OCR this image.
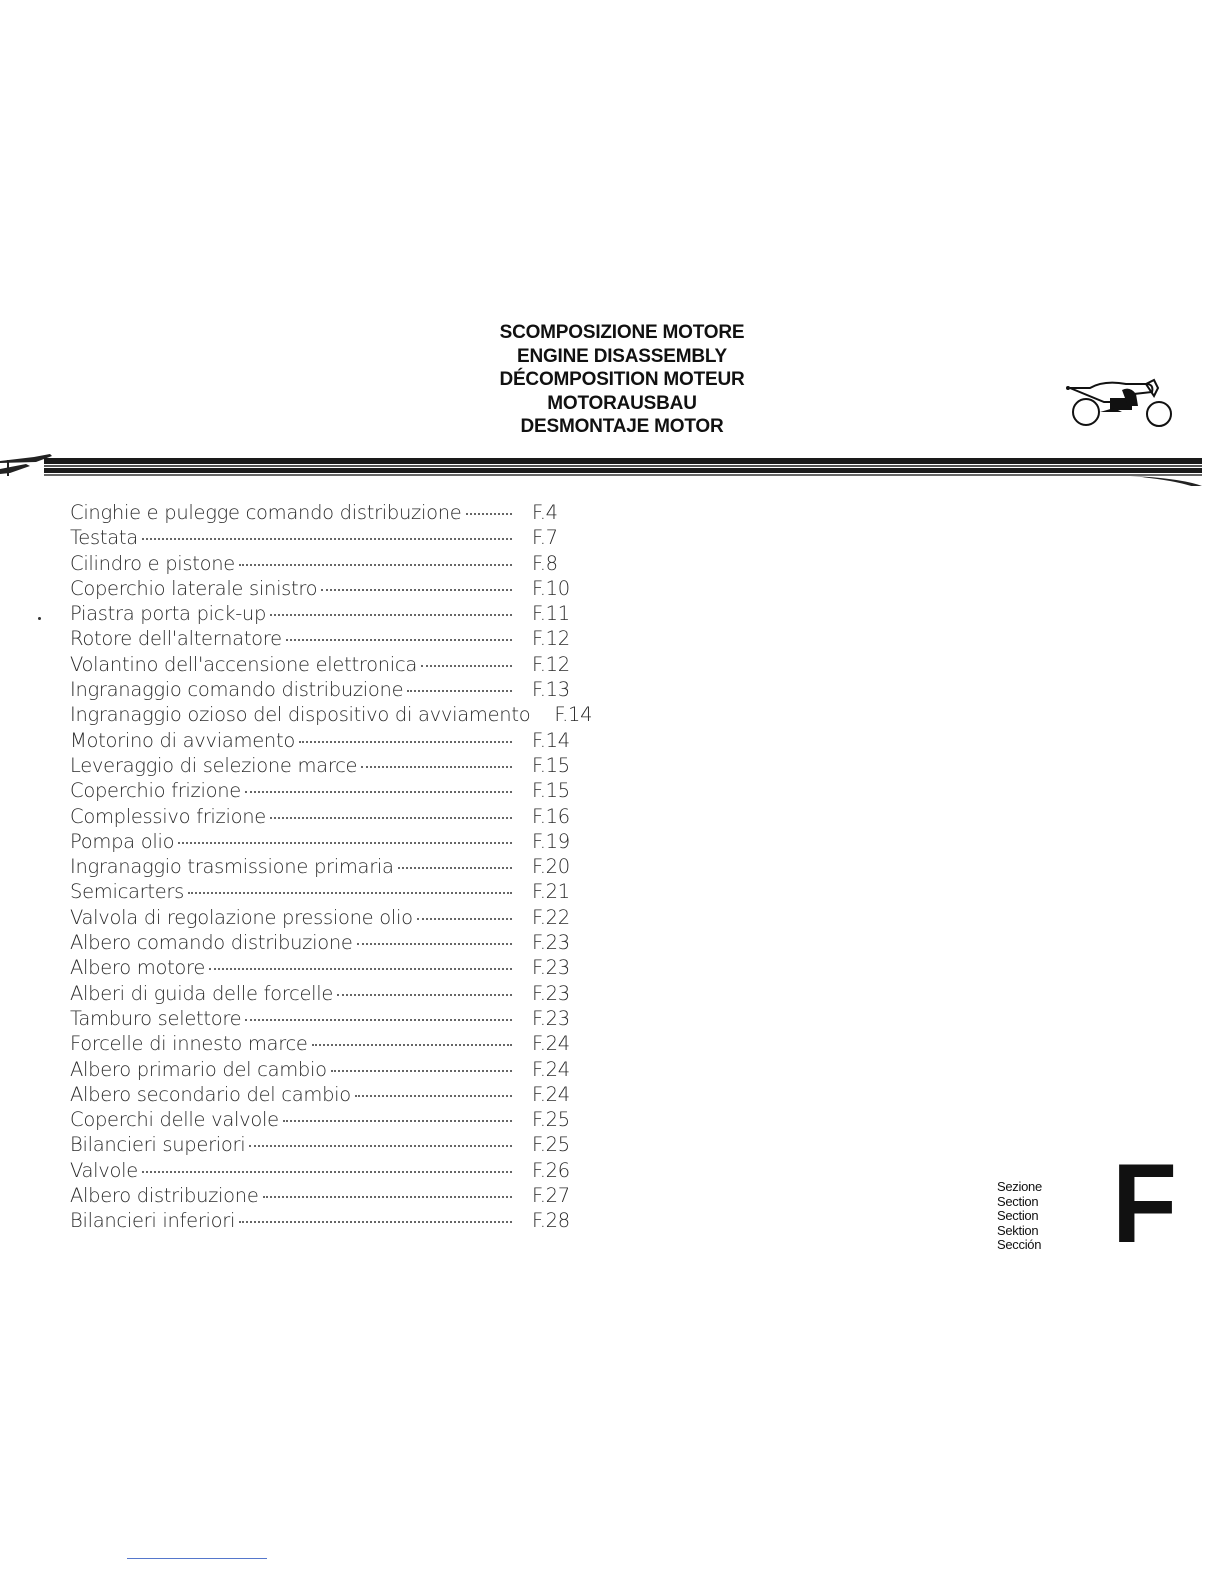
SCOMPOSIZIONE MOTORE
ENGINE DISASSEMBLY
DÉCOMPOSITION MOTEUR
MOTORAUSBAU
DESMONTAJE MOTOR
Cinghie e pulegge comando distribuzione	F.4
Testata	F.7
Cilindro e pistone	F.8
Coperchio laterale sinistro	F.10
Piastra porta pick-up	F.11
Rotore dell'alternatore	F.12
Volantino dell'accensione elettronica	F.12
Ingranaggio comando distribuzione	F.13
Ingranaggio ozioso del dispositivo di avviamento	F.14
Motorino di avviamento	F.14
Leveraggio di selezione marce	F.15
Coperchio frizione	F.15
Complessivo frizione	F.16
Pompa olio	F.19
Ingranaggio trasmissione primaria	F.20
Semicarters	F.21
Valvola di regolazione pressione olio	F.22
Albero comando distribuzione	F.23
Albero motore	F.23
Alberi di guida delle forcelle	F.23
Tamburo selettore	F.23
Forcelle di innesto marce	F.24
Albero primario del cambio	F.24
Albero secondario del cambio	F.24
Coperchi delle valvole	F.25
Bilancieri superiori	F.25
Valvole	F.26
Albero distribuzione	F.27
Bilancieri inferiori	F.28
Sezione
Section
Section
Sektion
Sección F
